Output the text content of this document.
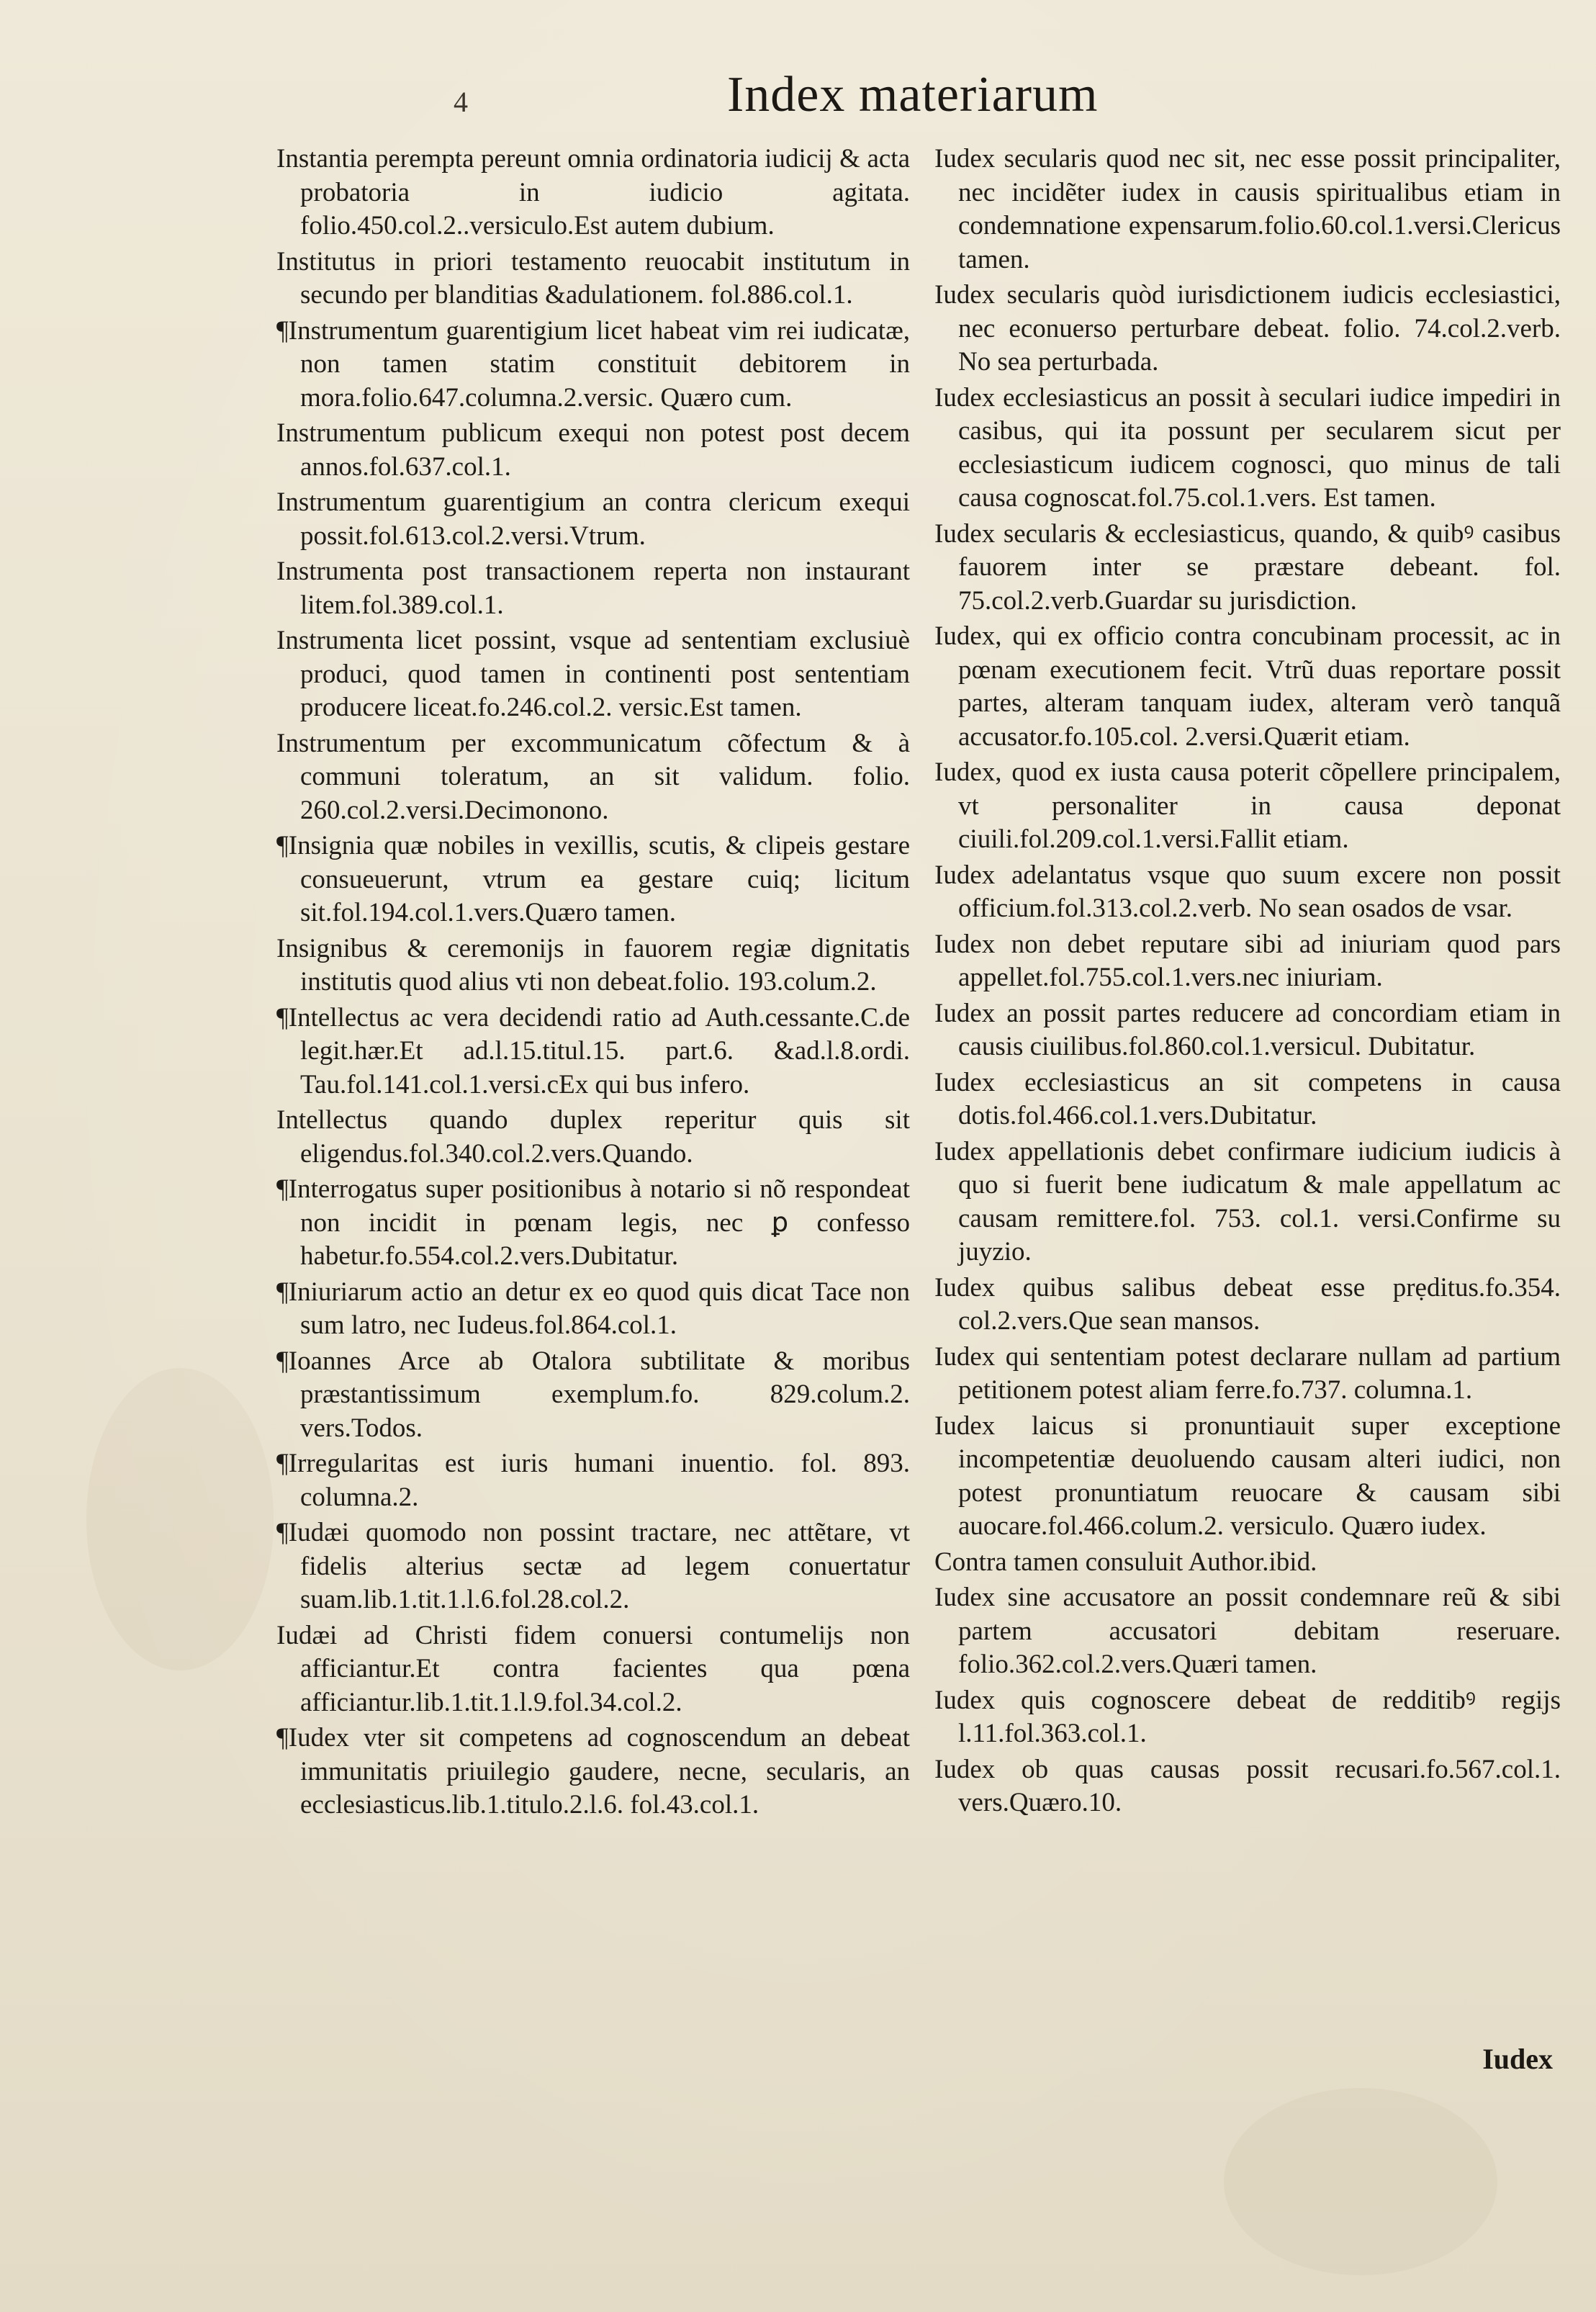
4	Index materiarum

Instantia perempta pereunt omnia ordinatoria iudicij & acta probatoria in iudicio agitata. folio.450.col.2..versiculo.Est autem dubium.

Institutus in priori testamento reuocabit institutum in secundo per blanditias &adulationem. fol.886.col.1.

¶Instrumentum guarentigium licet habeat vim rei iudicatæ, non tamen statim constituit debitorem in mora.folio.647.columna.2.versic. Quæro cum.

Instrumentum publicum exequi non potest post decem annos.fol.637.col.1.

Instrumentum guarentigium an contra clericum exequi possit.fol.613.col.2.versi.Vtrum.

Instrumenta post transactionem reperta non instaurant litem.fol.389.col.1.

Instrumenta licet possint, vsque ad sententiam exclusiuè produci, quod tamen in continenti post sententiam producere liceat.fo.246.col.2. versic.Est tamen.

Instrumentum per excommunicatum cõfectum & à communi toleratum, an sit validum. folio. 260.col.2.versi.Decimonono.

¶Insignia quæ nobiles in vexillis, scutis, & clipeis gestare consueuerunt, vtrum ea gestare cuiq; licitum sit.fol.194.col.1.vers.Quæro tamen.

Insignibus & ceremonijs in fauorem regiæ dignitatis institutis quod alius vti non debeat.folio. 193.colum.2.

¶Intellectus ac vera decidendi ratio ad Auth.cessante.C.de legit.hær.Et ad.l.15.titul.15. part.6. &ad.l.8.ordi. Tau.fol.141.col.1.versi.cEx qui bus infero.

Intellectus quando duplex reperitur quis sit eligendus.fol.340.col.2.vers.Quando.

¶Interrogatus super positionibus à notario si nõ respondeat non incidit in pœnam legis, nec ꝑ confesso habetur.fo.554.col.2.vers.Dubitatur.

¶Iniuriarum actio an detur ex eo quod quis dicat Tace non sum latro, nec Iudeus.fol.864.col.1.

¶Ioannes Arce ab Otalora subtilitate & moribus præstantissimum exemplum.fo. 829.colum.2. vers.Todos.

¶Irregularitas est iuris humani inuentio. fol. 893. columna.2.

¶Iudæi quomodo non possint tractare, nec attẽtare, vt fidelis alterius sectæ ad legem conuertatur suam.lib.1.tit.1.l.6.fol.28.col.2.

Iudæi ad Christi fidem conuersi contumelijs non afficiantur.Et contra facientes qua pœna afficiantur.lib.1.tit.1.l.9.fol.34.col.2.

¶Iudex vter sit competens ad cognoscendum an debeat immunitatis priuilegio gaudere, necne, secularis, an ecclesiasticus.lib.1.titulo.2.l.6. fol.43.col.1.

Iudex secularis quod nec sit, nec esse possit principaliter, nec incidẽter iudex in causis spiritualibus etiam in condemnatione expensarum.folio.60.col.1.versi.Clericus tamen.

Iudex secularis quòd iurisdictionem iudicis ecclesiastici, nec econuerso perturbare debeat. folio. 74.col.2.verb. No sea perturbada.

Iudex ecclesiasticus an possit à seculari iudice impediri in casibus, qui ita possunt per secularem sicut per ecclesiasticum iudicem cognosci, quo minus de tali causa cognoscat.fol.75.col.1.vers. Est tamen.

Iudex secularis & ecclesiasticus, quando, & quibꝰ casibus fauorem inter se præstare debeant. fol. 75.col.2.verb.Guardar su jurisdiction.

Iudex, qui ex officio contra concubinam processit, ac in pœnam executionem fecit. Vtrũ duas reportare possit partes, alteram tanquam iudex, alteram verò tanquã accusator.fo.105.col. 2.versi.Quærit etiam.

Iudex, quod ex iusta causa poterit cõpellere principalem, vt personaliter in causa deponat ciuili.fol.209.col.1.versi.Fallit etiam.

Iudex adelantatus vsque quo suum excere non possit officium.fol.313.col.2.verb. No sean osados de vsar.

Iudex non debet reputare sibi ad iniuriam quod pars appellet.fol.755.col.1.vers.nec iniuriam.

Iudex an possit partes reducere ad concordiam etiam in causis ciuilibus.fol.860.col.1.versicul. Dubitatur.

Iudex ecclesiasticus an sit competens in causa dotis.fol.466.col.1.vers.Dubitatur.

Iudex appellationis debet confirmare iudicium iudicis à quo si fuerit bene iudicatum & male appellatum ac causam remittere.fol. 753. col.1. versi.Confirme su juyzio.

Iudex quibus salibus debeat esse prẹditus.fo.354. col.2.vers.Que sean mansos.

Iudex qui sententiam potest declarare nullam ad partium petitionem potest aliam ferre.fo.737. columna.1.

Iudex laicus si pronuntiauit super exceptione incompetentiæ deuoluendo causam alteri iudici, non potest pronuntiatum reuocare & causam sibi auocare.fol.466.colum.2. versiculo. Quæro iudex.

Contra tamen consuluit Author.ibid.

Iudex sine accusatore an possit condemnare reũ & sibi partem accusatori debitam reseruare. folio.362.col.2.vers.Quæri tamen.

Iudex quis cognoscere debeat de redditibꝰ regijs l.11.fol.363.col.1.

Iudex ob quas causas possit recusari.fo.567.col.1. vers.Quæro.10.

Iudex
